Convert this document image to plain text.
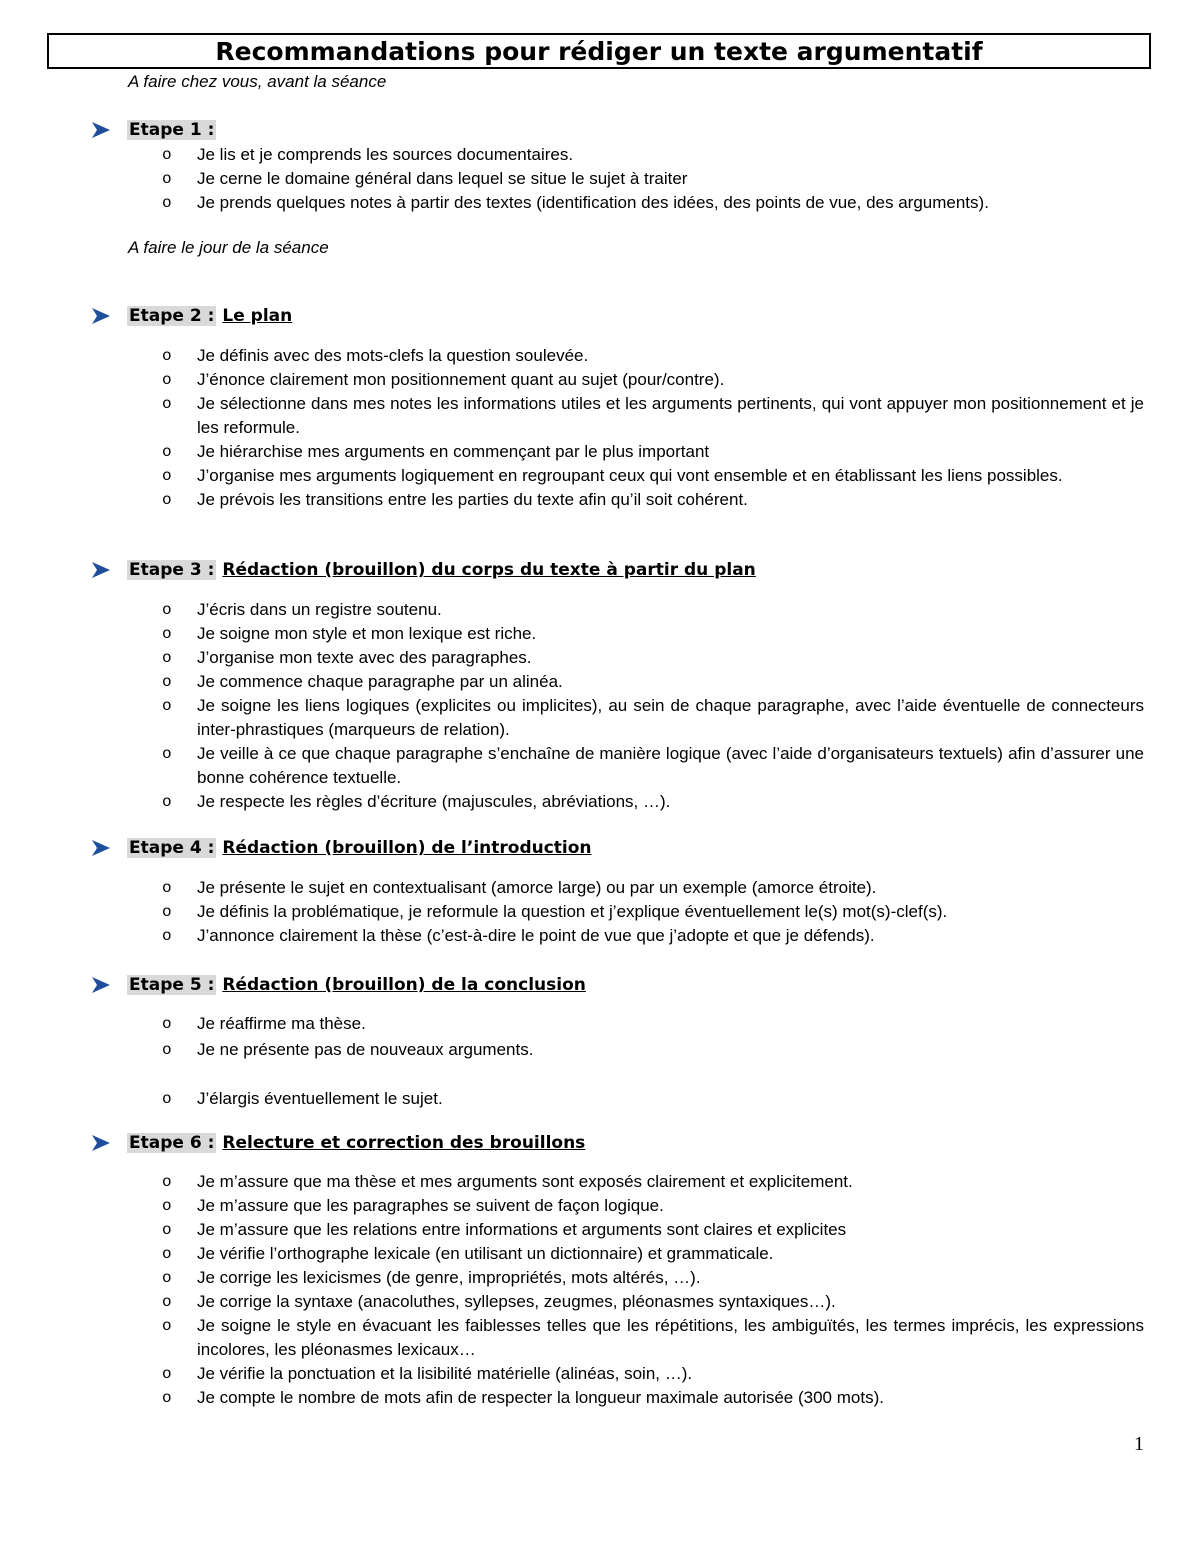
Recommandations pour rédiger un texte argumentatif
A faire chez vous, avant la séance
Etape 1 :
o Je lis et je comprends les sources documentaires.
o Je cerne le domaine général dans lequel se situe le sujet à traiter
o Je prends quelques notes à partir des textes (identification des idées, des points de vue, des arguments).
A faire le jour de la séance
Etape 2 : Le plan
o Je définis avec des mots-clefs la question soulevée.
o J’énonce clairement mon positionnement quant au sujet (pour/contre).
o Je sélectionne dans mes notes les informations utiles et les arguments pertinents, qui vont appuyer mon positionnement et je les reformule.
o Je hiérarchise mes arguments en commençant par le plus important
o J’organise mes arguments logiquement en regroupant ceux qui vont ensemble et en établissant les liens possibles.
o Je prévois les transitions entre les parties du texte afin qu’il soit cohérent.
Etape 3 : Rédaction (brouillon) du corps du texte à partir du plan
o J’écris dans un registre soutenu.
o Je soigne mon style et mon lexique est riche.
o J’organise mon texte avec des paragraphes.
o Je commence chaque paragraphe par un alinéa.
o Je soigne les liens logiques (explicites ou implicites), au sein de chaque paragraphe, avec l’aide éventuelle de connecteurs inter-phrastiques (marqueurs de relation).
o Je veille à ce que chaque paragraphe s’enchaîne de manière logique (avec l’aide d’organisateurs textuels) afin d’assurer une bonne cohérence textuelle.
o Je respecte les règles d’écriture (majuscules, abréviations, …).
Etape 4 : Rédaction (brouillon) de l’introduction
o Je présente le sujet en contextualisant (amorce large) ou par un exemple (amorce étroite).
o Je définis la problématique, je reformule la question et j’explique éventuellement le(s) mot(s)-clef(s).
o J’annonce clairement la thèse (c’est-à-dire le point de vue que j’adopte et que je défends).
Etape 5 : Rédaction (brouillon) de la conclusion
o Je réaffirme ma thèse.
o Je ne présente pas de nouveaux arguments.
o J’élargis éventuellement le sujet.
Etape 6 : Relecture et correction des brouillons
o Je m’assure que ma thèse et mes arguments sont exposés clairement et explicitement.
o Je m’assure que les paragraphes se suivent de façon logique.
o Je m’assure que les relations entre informations et arguments sont claires et explicites
o Je vérifie l’orthographe lexicale (en utilisant un dictionnaire) et grammaticale.
o Je corrige les lexicismes (de genre, impropriétés, mots altérés, …).
o Je corrige la syntaxe (anacoluthes, syllepses, zeugmes, pléonasmes syntaxiques…).
o Je soigne le style en évacuant les faiblesses telles que les répétitions, les ambiguïtés, les termes imprécis, les expressions incolores, les pléonasmes lexicaux…
o Je vérifie la ponctuation et la lisibilité matérielle (alinéas, soin, …).
o Je compte le nombre de mots afin de respecter la longueur maximale autorisée (300 mots).
1
